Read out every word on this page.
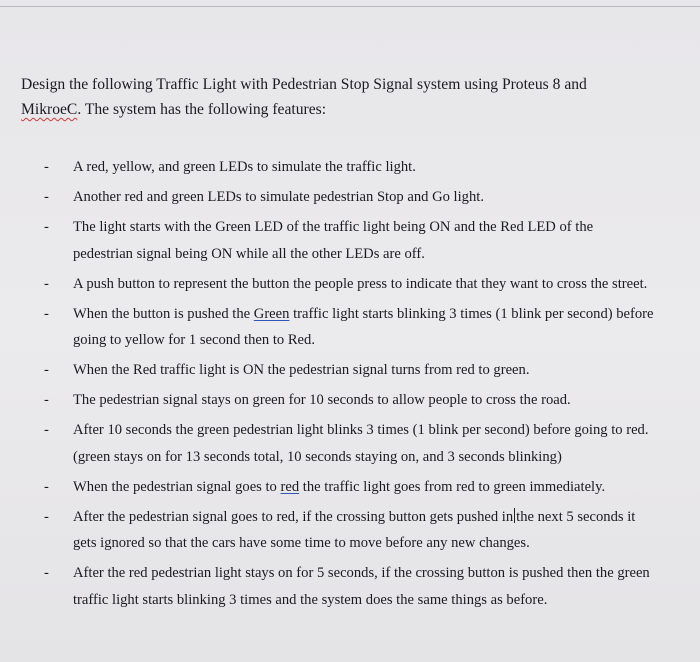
Design the following Traffic Light with Pedestrian Stop Signal system using Proteus 8 and
MikroeC. The system has the following features:

-	A red, yellow, and green LEDs to simulate the traffic light.
-	Another red and green LEDs to simulate pedestrian Stop and Go light.
-	The light starts with the Green LED of the traffic light being ON and the Red LED of the pedestrian signal being ON while all the other LEDs are off.
-	A push button to represent the button the people press to indicate that they want to cross the street.
-	When the button is pushed the Green traffic light starts blinking 3 times (1 blink per second) before going to yellow for 1 second then to Red.
-	When the Red traffic light is ON the pedestrian signal turns from red to green.
-	The pedestrian signal stays on green for 10 seconds to allow people to cross the road.
-	After 10 seconds the green pedestrian light blinks 3 times (1 blink per second) before going to red. (green stays on for 13 seconds total, 10 seconds staying on, and 3 seconds blinking)
-	When the pedestrian signal goes to red the traffic light goes from red to green immediately.
-	After the pedestrian signal goes to red, if the crossing button gets pushed in the next 5 seconds it gets ignored so that the cars have some time to move before any new changes.
-	After the red pedestrian light stays on for 5 seconds, if the crossing button is pushed then the green traffic light starts blinking 3 times and the system does the same things as before.
